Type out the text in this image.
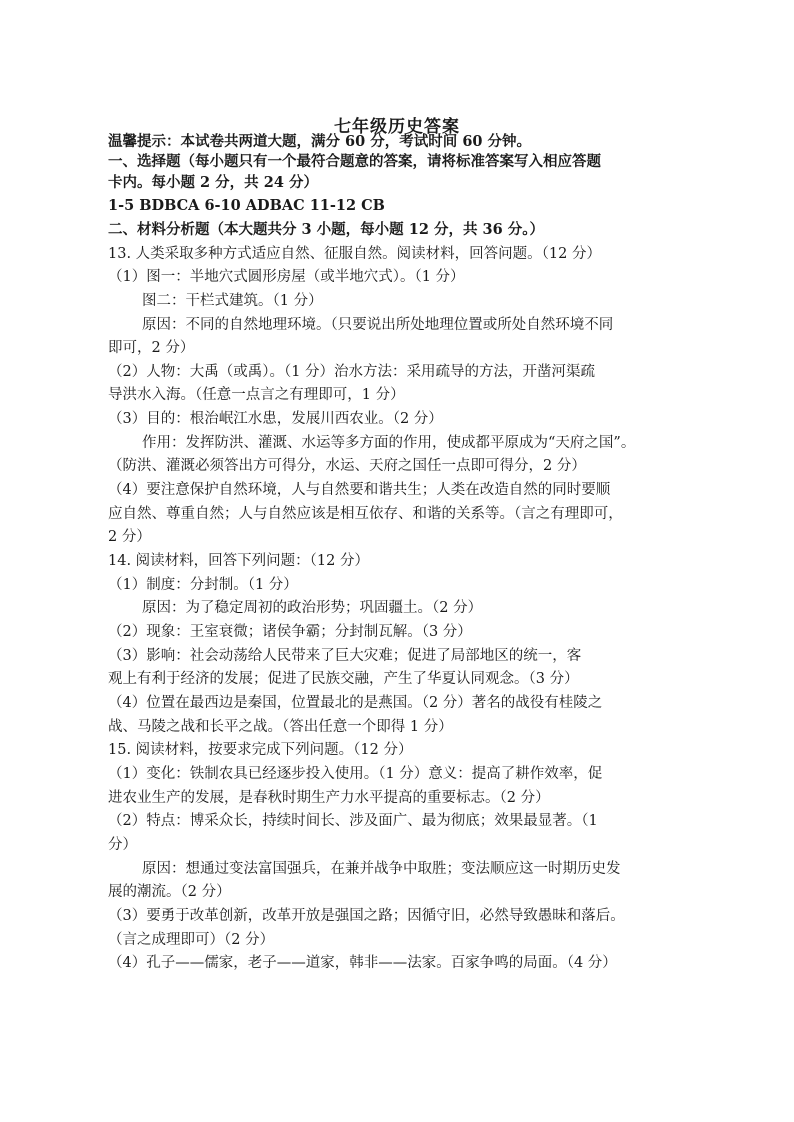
七年级历史答案
温馨提示：本试卷共两道大题，满分 60 分，考试时间 60 分钟。
一、选择题（每小题只有一个最符合题意的答案，请将标准答案写入相应答题
卡内。每小题 2 分，共 24 分）
1-5 BDBCA 6-10 ADBAC 11-12 CB
二、材料分析题（本大题共分 3 小题，每小题 12 分，共 36 分。）
13. 人类采取多种方式适应自然、征服自然。阅读材料，回答问题。（12 分）
（1）图一：半地穴式圆形房屋（或半地穴式）。（1 分）
图二：干栏式建筑。（1 分）
原因：不同的自然地理环境。（只要说出所处地理位置或所处自然环境不同
即可，2 分）
（2）人物：大禹（或禹）。（1 分）治水方法：采用疏导的方法，开凿河渠疏
导洪水入海。（任意一点言之有理即可，1 分）
（3）目的：根治岷江水患，发展川西农业。（2 分）
作用：发挥防洪、灌溉、水运等多方面的作用，使成都平原成为“天府之国”。
（防洪、灌溉必须答出方可得分，水运、天府之国任一点即可得分，2 分）
（4）要注意保护自然环境，人与自然要和谐共生；人类在改造自然的同时要顺
应自然、尊重自然；人与自然应该是相互依存、和谐的关系等。（言之有理即可，
2 分）
14. 阅读材料，回答下列问题：（12 分）
（1）制度：分封制。（1 分）
原因：为了稳定周初的政治形势；巩固疆土。（2 分）
（2）现象：王室衰微；诸侯争霸；分封制瓦解。（3 分）
（3）影响：社会动荡给人民带来了巨大灾难；促进了局部地区的统一，客
观上有利于经济的发展；促进了民族交融，产生了华夏认同观念。（3 分）
（4）位置在最西边是秦国，位置最北的是燕国。（2 分）著名的战役有桂陵之
战、马陵之战和长平之战。（答出任意一个即得 1 分）
15. 阅读材料，按要求完成下列问题。（12 分）
（1）变化：铁制农具已经逐步投入使用。（1 分）意义：提高了耕作效率，促
进农业生产的发展，是春秋时期生产力水平提高的重要标志。（2 分）
（2）特点：博采众长，持续时间长、涉及面广、最为彻底；效果最显著。（1
分）
原因：想通过变法富国强兵，在兼并战争中取胜；变法顺应这一时期历史发
展的潮流。（2 分）
（3）要勇于改革创新，改革开放是强国之路；因循守旧，必然导致愚昧和落后。
（言之成理即可）（2 分）
（4）孔子——儒家，老子——道家，韩非——法家。百家争鸣的局面。（4 分）
